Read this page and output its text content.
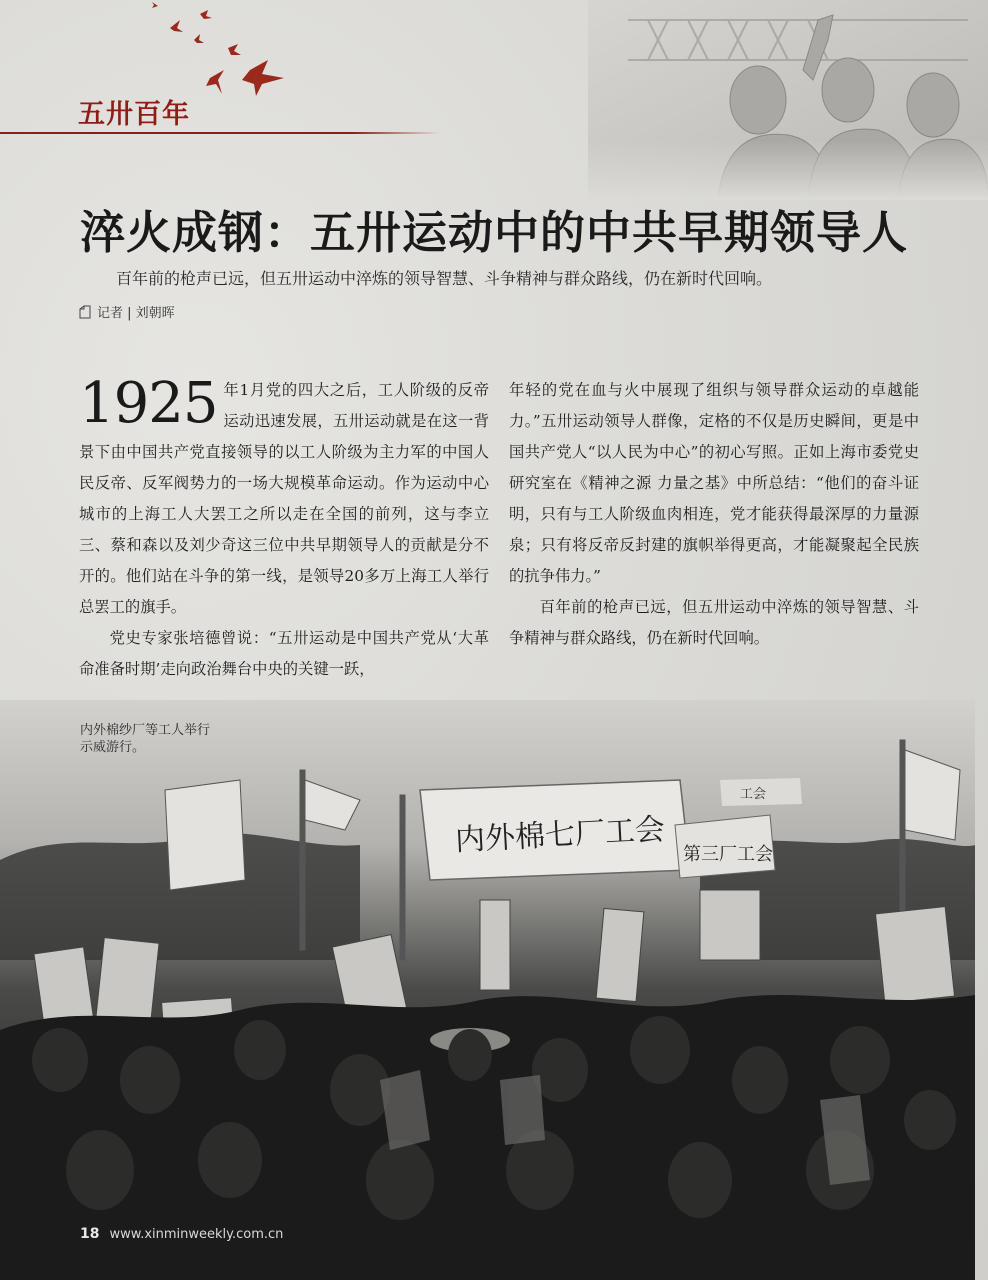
五卅百年
淬火成钢：五卅运动中的中共早期领导人
百年前的枪声已远，但五卅运动中淬炼的领导智慧、斗争精神与群众路线，仍在新时代回响。
记者 | 刘朝晖

1925 年1月党的四大之后，工人阶级的反帝运动迅速发展，五卅运动就是在这一背景下由中国共产党直接领导的以工人阶级为主力军的中国人民反帝、反军阀势力的一场大规模革命运动。作为运动中心城市的上海工人大罢工之所以走在全国的前列，这与李立三、蔡和森以及刘少奇这三位中共早期领导人的贡献是分不开的。他们站在斗争的第一线，是领导20多万上海工人举行总罢工的旗手。

党史专家张培德曾说：“五卅运动是中国共产党从‘大革命准备时期’走向政治舞台中央的关键一跃，

年轻的党在血与火中展现了组织与领导群众运动的卓越能力。”五卅运动领导人群像，定格的不仅是历史瞬间，更是中国共产党人“以人民为中心”的初心写照。正如上海市委党史研究室在《精神之源 力量之基》中所总结：“他们的奋斗证明，只有与工人阶级血肉相连，党才能获得最深厚的力量源泉；只有将反帝反封建的旗帜举得更高，才能凝聚起全民族的抗争伟力。”

百年前的枪声已远，但五卅运动中淬炼的领导智慧、斗争精神与群众路线，仍在新时代回响。

内外棉七厂工会 第三厂工会
工会
内外棉纱厂等工人举行示威游行。
18 www.xinminweekly.com.cn
